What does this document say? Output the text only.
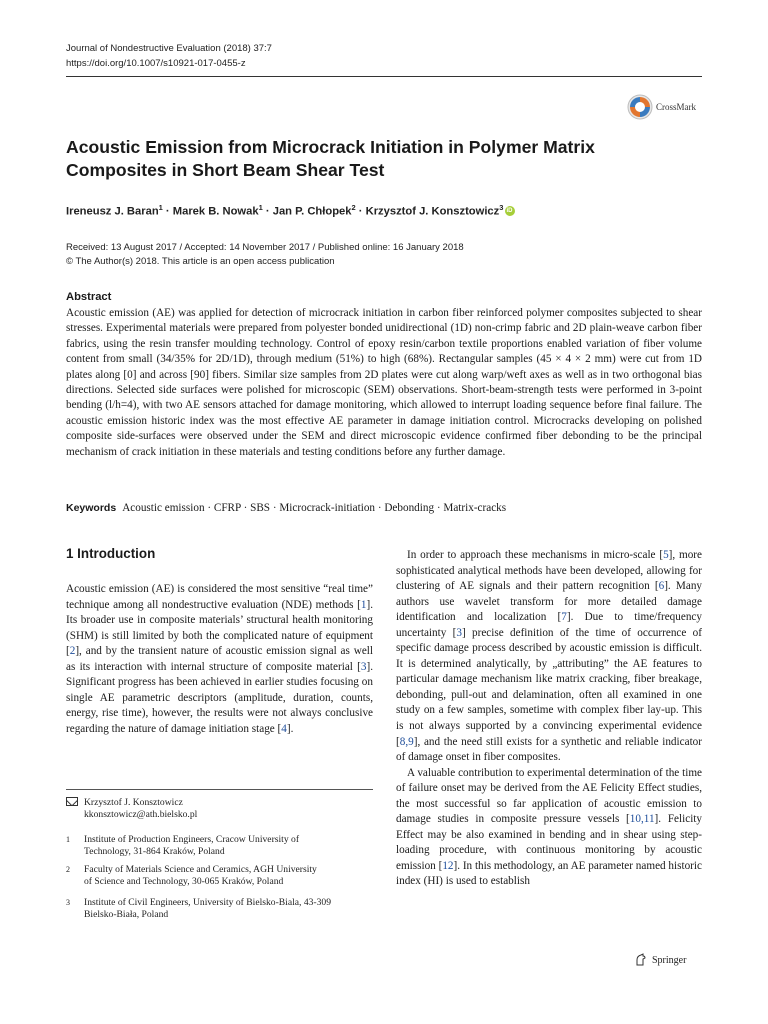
Journal of Nondestructive Evaluation (2018) 37:7
https://doi.org/10.1007/s10921-017-0455-z
CrossMark
Acoustic Emission from Microcrack Initiation in Polymer Matrix Composites in Short Beam Shear Test
Ireneusz J. Baran$^1$ · Marek B. Nowak$^1$ · Jan P. Chłopek$^2$ · Krzysztof J. Konsztowicz$^3$iD
Received: 13 August 2017 / Accepted: 14 November 2017 / Published online: 16 January 2018
© The Author(s) 2018. This article is an open access publication
Abstract
Acoustic emission (AE) was applied for detection of microcrack initiation in carbon fiber reinforced polymer composites subjected to shear stresses. Experimental materials were prepared from polyester bonded unidirectional (1D) non-crimp fabric and 2D plain-weave carbon fiber fabrics, using the resin transfer moulding technology. Control of epoxy resin/carbon textile proportions enabled variation of fiber volume content from small (34/35% for 2D/1D), through medium (51%) to high (68%). Rectangular samples (45 × 4 × 2 mm) were cut from 1D plates along [0] and across [90] fibers. Similar size samples from 2D plates were cut along warp/weft axes as well as in two orthogonal bias directions. Selected side surfaces were polished for microscopic (SEM) observations. Short-beam-strength tests were performed in 3-point bending (l/h=4), with two AE sensors attached for damage monitoring, which allowed to interrupt loading sequence before final failure. The acoustic emission historic index was the most effective AE parameter in damage initiation control. Microcracks developing on polished composite side-surfaces were observed under the SEM and direct microscopic evidence confirmed fiber debonding to be the principal mechanism of crack initiation in these materials and testing conditions before any further damage.
Keywords Acoustic emission · CFRP · SBS · Microcrack-initiation · Debonding · Matrix-cracks
1 Introduction

Acoustic emission (AE) is considered the most sensitive “real time” technique among all nondestructive evaluation (NDE) methods [1]. Its broader use in composite materials’ structural health monitoring (SHM) is still limited by both the complicated nature of equipment [2], and by the transient nature of acoustic emission signal as well as its interaction with internal structure of composite material [3]. Significant progress has been achieved in earlier studies focusing on single AE parametric descriptors (amplitude, duration, counts, energy, rise time), however, the results were not always conclusive regarding the nature of damage initiation stage [4].

In order to approach these mechanisms in micro-scale [5], more sophisticated analytical methods have been developed, allowing for clustering of AE signals and their pattern recognition [6]. Many authors use wavelet transform for more detailed damage identification and localization [7]. Due to time/frequency uncertainty [3] precise definition of the time of occurrence of specific damage process described by acoustic emission is difficult. It is determined analytically, by „attributing” the AE features to particular damage mechanism like matrix cracking, fiber breakage, debonding, pull-out and delamination, often all examined in one study on a few samples, sometime with complex fiber lay-up. This is not always supported by a convincing experimental evidence [8,9], and the need still exists for a synthetic and reliable indicator of damage onset in fiber composites.

A valuable contribution to experimental determination of the time of failure onset may be derived from the AE Felicity Effect studies, the most successful so far application of acoustic emission to damage studies in composite pressure vessels [10,11]. Felicity Effect may be also examined in bending and in shear using step-loading procedure, with continuous monitoring by acoustic emission [12]. In this methodology, an AE parameter named historic index (HI) is used to establish

Krzysztof J. Konsztowicz
kkonsztowicz@ath.bielsko.pl
1	Institute of Production Engineers, Cracow University of Technology, 31-864 Kraków, Poland
2	Faculty of Materials Science and Ceramics, AGH University of Science and Technology, 30-065 Kraków, Poland
3	Institute of Civil Engineers, University of Bielsko-Biala, 43-309 Bielsko-Biała, Poland
Springer
